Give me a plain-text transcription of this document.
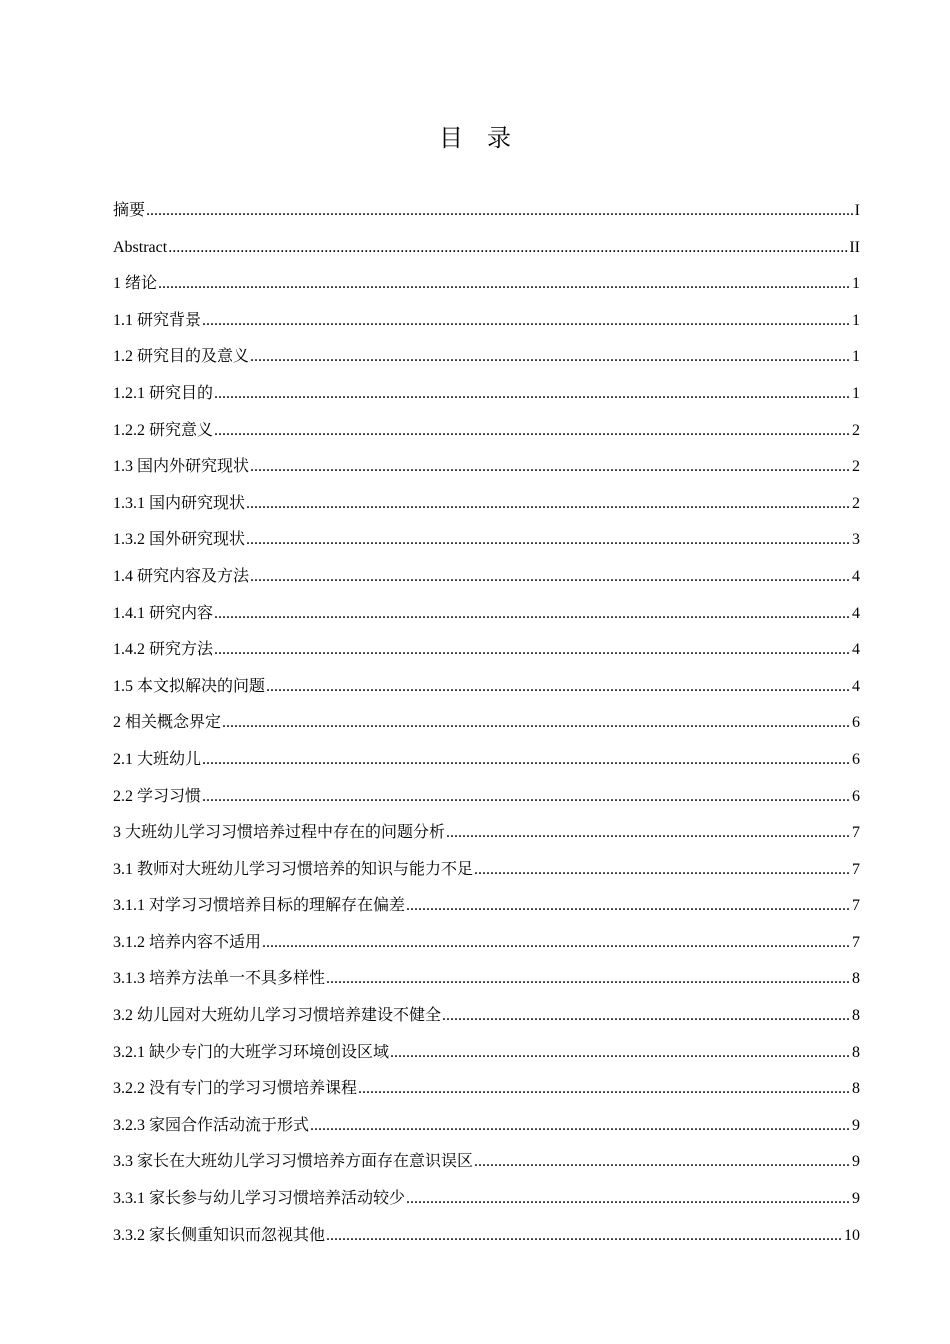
目录
摘要 .....	I
Abstract .....	II
1 绪论 .....	1
1.1 研究背景 .....	1
1.2 研究目的及意义 .....	1
1.2.1 研究目的 .....	1
1.2.2 研究意义 .....	2
1.3 国内外研究现状 .....	2
1.3.1 国内研究现状 .....	2
1.3.2 国外研究现状 .....	3
1.4 研究内容及方法 .....	4
1.4.1 研究内容 .....	4
1.4.2 研究方法 .....	4
1.5 本文拟解决的问题 .....	4
2 相关概念界定 .....	6
2.1 大班幼儿 .....	6
2.2 学习习惯 .....	6
3 大班幼儿学习习惯培养过程中存在的问题分析 .....	7
3.1 教师对大班幼儿学习习惯培养的知识与能力不足 .....	7
3.1.1 对学习习惯培养目标的理解存在偏差 .....	7
3.1.2 培养内容不适用 .....	7
3.1.3 培养方法单一不具多样性 .....	8
3.2 幼儿园对大班幼儿学习习惯培养建设不健全 .....	8
3.2.1 缺少专门的大班学习环境创设区域 .....	8
3.2.2 没有专门的学习习惯培养课程 .....	8
3.2.3 家园合作活动流于形式 .....	9
3.3 家长在大班幼儿学习习惯培养方面存在意识误区 .....	9
3.3.1 家长参与幼儿学习习惯培养活动较少 .....	9
3.3.2 家长侧重知识而忽视其他 .....	10
